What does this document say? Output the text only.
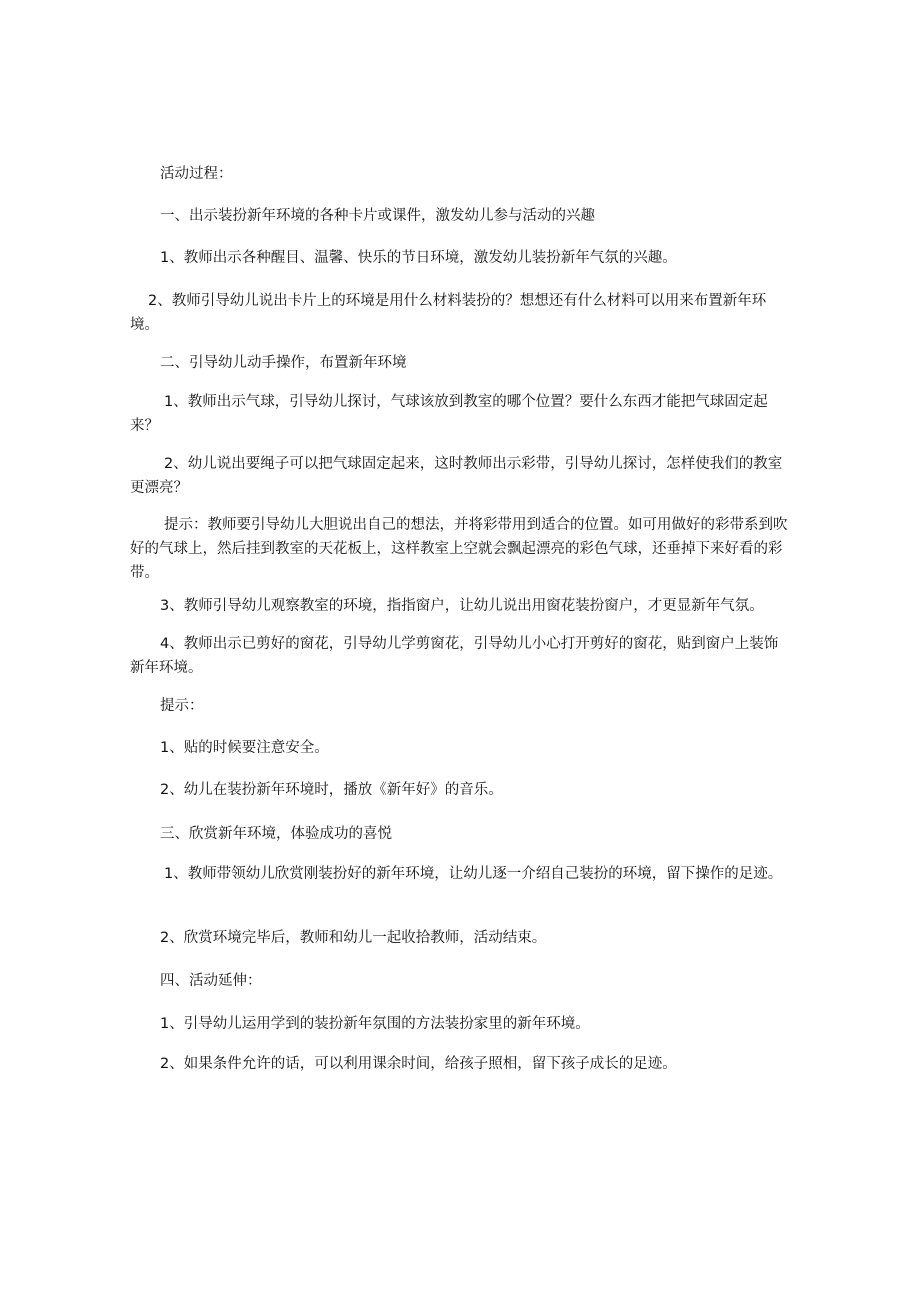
活动过程：

一、出示装扮新年环境的各种卡片或课件，激发幼儿参与活动的兴趣

1、教师出示各种醒目、温馨、快乐的节日环境，激发幼儿装扮新年气氛的兴趣。

2、教师引导幼儿说出卡片上的环境是用什么材料装扮的？想想还有什么材料可以用来布置新年环境。

二、引导幼儿动手操作，布置新年环境

1、教师出示气球，引导幼儿探讨，气球该放到教室的哪个位置？要什么东西才能把气球固定起来？

2、幼儿说出要绳子可以把气球固定起来，这时教师出示彩带，引导幼儿探讨，怎样使我们的教室更漂亮？

提示：教师要引导幼儿大胆说出自己的想法，并将彩带用到适合的位置。如可用做好的彩带系到吹好的气球上，然后挂到教室的天花板上，这样教室上空就会飘起漂亮的彩色气球，还垂掉下来好看的彩带。

3、教师引导幼儿观察教室的环境，指指窗户，让幼儿说出用窗花装扮窗户，才更显新年气氛。

4、教师出示已剪好的窗花，引导幼儿学剪窗花，引导幼儿小心打开剪好的窗花，贴到窗户上装饰新年环境。

提示：

1、贴的时候要注意安全。

2、幼儿在装扮新年环境时，播放《新年好》的音乐。

三、欣赏新年环境，体验成功的喜悦

1、教师带领幼儿欣赏刚装扮好的新年环境，让幼儿逐一介绍自己装扮的环境，留下操作的足迹。

2、欣赏环境完毕后，教师和幼儿一起收拾教师，活动结束。

四、活动延伸：

1、引导幼儿运用学到的装扮新年氛围的方法装扮家里的新年环境。

2、如果条件允许的话，可以利用课余时间，给孩子照相，留下孩子成长的足迹。
